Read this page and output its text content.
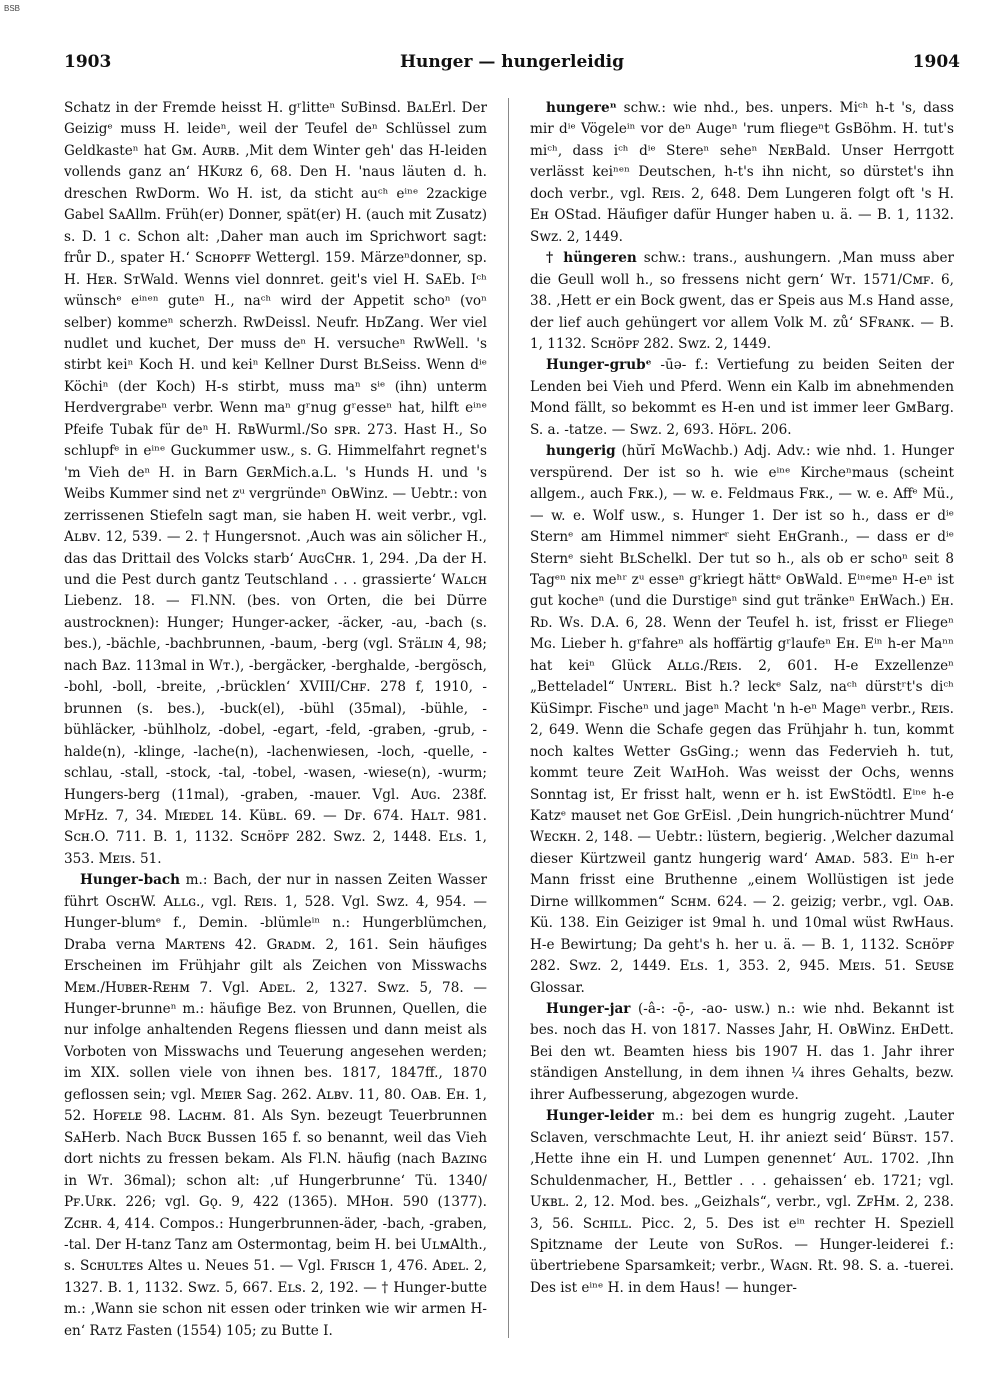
BSB
1903	Hunger — hungerleidig	1904

Schatz in der Fremde heisst H. gʳlitteⁿ SᴜBinsd. BᴀʟErl. Der Geizigᵉ muss H. leideⁿ, weil der Teufel deⁿ Schlüssel zum Geldkasteⁿ hat Gᴍ. Aᴜʀʙ. ‚Mit dem Winter geh' das H-leiden vollends ganz an‘ HKᴜʀᴢ 6, 68. Den H. 'naus läuten d. h. dreschen RwDorm. Wo H. ist, da sticht auᶜʰ eⁱⁿᵉ 2zackige Gabel SᴀAllm. Früh(er) Donner, spät(er) H. (auch mit Zusatz) s. D. 1 c. Schon alt: ‚Daher man auch im Sprichwort sagt: frůr D., spater H.‘ Sᴄʜᴏᴘꜰꜰ Wettergl. 159. Märzeⁿdonner, sp. H. Hᴇʀ. SᴛWald. Wenns viel donnret. geit's viel H. SᴀEb. Iᶜʰ wünschᵉ eⁱⁿᵉⁿ guteⁿ H., naᶜʰ wird der Appetit schoⁿ (voⁿ selber) kommeⁿ scherzh. RwDeissl. Neufr. HᴅZang. Wer viel nudlet und kuchet, Der muss deⁿ H. versucheⁿ RwWell. 's stirbt keiⁿ Koch H. und keiⁿ Kellner Durst BʟSeiss. Wenn dⁱᵉ Köchiⁿ (der Koch) H-s stirbt, muss maⁿ sⁱᵉ (ihn) unterm Herdvergrabeⁿ verbr. Wenn maⁿ gʳnug gʳesseⁿ hat, hilft eⁱⁿᵉ Pfeife Tubak für deⁿ H. RʙWurml./So ꜱᴘʀ. 273. Hast H., So schlupfᵉ in eⁱⁿᵉ Guckummer usw., s. G. Himmelfahrt regnet's 'm Vieh deⁿ H. in Barn GᴇʀMich.a.L. 's Hunds H. und 's Weibs Kummer sind net zᵘ vergründeⁿ OʙWinz. — Uebtr.: von zerrissenen Stiefeln sagt man, sie haben H. weit verbr., vgl. Aʟʙᴠ. 12, 539. — 2. † Hungersnot. ‚Auch was ain sölicher H., das das Drittail des Volcks starb‘ AᴜɢCʜʀ. 1, 294. ‚Da der H. und die Pest durch gantz Teutschland . . . grassierte‘ Wᴀʟᴄʜ Liebenz. 18. — Fl.NN. (bes. von Orten, die bei Dürre austrocknen): Hunger; Hunger-acker, -äcker, -au, -bach (s. bes.), -bächle, -bachbrunnen, -baum, -berg (vgl. Sᴛäʟɪɴ 4, 98; nach Bᴀᴢ. 113mal in Wᴛ.), -bergäcker, -berghalde, -bergösch, -bohl, -boll, -breite, ‚-brücklen‘ XVIII/Cʜꜰ. 278 f, 1910, -brunnen (s. bes.), -buck(el), -bühl (35mal), -bühle, -bühläcker, -bühlholz, -dobel, -egart, -feld, -graben, -grub, -halde(n), -klinge, -lache(n), -lachenwiesen, -loch, -quelle, -schlau, -stall, -stock, -tal, -tobel, -wasen, -wiese(n), -wurm; Hungers-berg (11mal), -graben, -mauer. Vgl. Aᴜɢ. 238f. MꜰHᴢ. 7, 34. Mɪᴇᴅᴇʟ 14. Küʙʟ. 69. — Dꜰ. 674. Hᴀʟᴛ. 981. Sᴄʜ.O. 711. B. 1, 1132. Sᴄʜöᴘꜰ 282. Sᴡᴢ. 2, 1448. Eʟs. 1, 353. Mᴇɪs. 51.

Hunger-bach m.: Bach, der nur in nassen Zeiten Wasser führt OsᴄʜW. Aʟʟɢ., vgl. Rᴇɪs. 1, 528. Vgl. Swz. 4, 954. — Hunger-blumᵉ f., Demin. -blümleⁱⁿ n.: Hungerblümchen, Draba verna Mᴀʀᴛᴇɴs 42. Gʀᴀᴅᴍ. 2, 161. Sein häufiges Erscheinen im Frühjahr gilt als Zeichen von Misswachs Mᴇᴍ./Hᴜʙᴇʀ-Rᴇʜᴍ 7. Vgl. Aᴅᴇʟ. 2, 1327. Swz. 5, 78. — Hunger-brunneⁿ m.: häufige Bez. von Brunnen, Quellen, die nur infolge anhaltenden Regens fliessen und dann meist als Vorboten von Misswachs und Teuerung angesehen werden; im XIX. sollen viele von ihnen bes. 1817, 1847ff., 1870 geflossen sein; vgl. Mᴇɪᴇʀ Sag. 262. Aʟʙᴠ. 11, 80. Oᴀʙ. Eʜ. 1, 52. Hᴏꜰᴇʟᴇ 98. Lᴀᴄʜᴍ. 81. Als Syn. bezeugt Teuerbrunnen SᴀHerb. Nach Bᴜᴄᴋ Bussen 165 f. so benannt, weil das Vieh dort nichts zu fressen bekam. Als Fl.N. häufig (nach Bᴀᴢɪɴɢ in Wᴛ. 36mal); schon alt: ‚uf Hungerbrunne‘ Tü. 1340/ Pꜰ.Uʀᴋ. 226; vgl. Gǫ. 9, 422 (1365). MHᴏʜ. 590 (1377). Zᴄʜʀ. 4, 414. Compos.: Hungerbrunnen-äder, -bach, -graben, -tal. Der H-tanz Tanz am Ostermontag, beim H. bei UʟᴍAlth., s. Sᴄʜᴜʟᴛᴇs Altes u. Neues 51. — Vgl. Fʀɪsᴄʜ 1, 476. Aᴅᴇʟ. 2, 1327. B. 1, 1132. Swz. 5, 667. Eʟs. 2, 192. — † Hunger-butte m.: ‚Wann sie schon nit essen oder trinken wie wir armen H-en‘ Rᴀᴛᴢ Fasten (1554) 105; zu Butte I.

hungereⁿ schw.: wie nhd., bes. unpers. Miᶜʰ h-t 's, dass mir dⁱᵉ Vögeleⁱⁿ vor deⁿ Augeⁿ 'rum fliegeⁿt GsBöhm. H. tut's miᶜʰ, dass iᶜʰ dⁱᵉ Stereⁿ seheⁿ NᴇʀBald. Unser Herrgott verlässt keiⁿᵉⁿ Deutschen, h-t's ihn nicht, so dürstet's ihn doch verbr., vgl. Rᴇɪs. 2, 648. Dem Lungeren folgt oft 's H. Eʜ OStad. Häufiger dafür Hunger haben u. ä. — B. 1, 1132. Sᴡᴢ. 2, 1449.

† hüngeren schw.: trans., aushungern. ‚Man muss aber die Geull woll h., so fressens nicht gern‘ Wᴛ. 1571/Cᴍꜰ. 6, 38. ‚Hett er ein Bock gwent, das er Speis aus M.s Hand asse, der lief auch gehüngert vor allem Volk M. zů‘ SFʀᴀɴᴋ. — B. 1, 1132. Sᴄʜöᴘꜰ 282. Sᴡᴢ. 2, 1449.

Hunger-grubᵉ -ūə- f.: Vertiefung zu beiden Seiten der Lenden bei Vieh und Pferd. Wenn ein Kalb im abnehmenden Mond fällt, so bekommt es H-en und ist immer leer GᴍBarg. S. a. -tatze. — Sᴡᴢ. 2, 693. Höꜰʟ. 206.

hungerig (hŭrĭ MɢWachb.) Adj. Adv.: wie nhd. 1. Hunger verspürend. Der ist so h. wie eⁱⁿᵉ Kircheⁿmaus (scheint allgem., auch Fʀᴋ.), — w. e. Feldmaus Fʀᴋ., — w. e. Affᵉ Mü., — w. e. Wolf usw., s. Hunger 1. Der ist so h., dass er dⁱᵉ Sternᵉ am Himmel nimmerʳ sieht EʜGranh., — dass er dⁱᵉ Sternᵉ sieht BʟSchelkl. Der tut so h., als ob er schoⁿ seit 8 Tagᵉⁿ nix meʰʳ zᵘ esseⁿ gʳkriegt hättᵉ OʙWald. Eⁱⁿᵉmeⁿ H-eⁿ ist gut kocheⁿ (und die Durstigeⁿ sind gut tränkeⁿ EʜWach.) Eʜ. Rᴅ. Ws. D.A. 6, 28. Wenn der Teufel h. ist, frisst er Fliegeⁿ Mɢ. Lieber h. gʳfahreⁿ als hoffärtig gʳlaufeⁿ Eʜ. Eⁱⁿ h-er Maⁿⁿ hat keiⁿ Glück Aʟʟɢ./Rᴇɪs. 2, 601. H-e Exzellenzeⁿ „Betteladel“ Uɴᴛᴇʀʟ. Bist h.? leckᵉ Salz, naᶜʰ dürstʳt's diᶜʰ KüSimpr. Fischeⁿ und jageⁿ Macht 'n h-eⁿ Mageⁿ verbr., Rᴇɪs. 2, 649. Wenn die Schafe gegen das Frühjahr h. tun, kommt noch kaltes Wetter GsGing.; wenn das Federvieh h. tut, kommt teure Zeit WᴀɪHoh. Was weisst der Ochs, wenns Sonntag ist, Er frisst halt, wenn er h. ist EwStödtl. Eⁱⁿᵉ h-e Katzᵉ mauset net Gᴏᴇ GrEisl. ‚Dein hungrich-nüchtrer Mund‘ Wᴇᴄᴋʜ. 2, 148. — Uebtr.: lüstern, begierig. ‚Welcher dazumal dieser Kürtzweil gantz hungerig ward‘ Aᴍᴀᴅ. 583. Eⁱⁿ h-er Mann frisst eine Bruthenne „einem Wollüstigen ist jede Dirne willkommen“ Sᴄʜᴍ. 624. — 2. geizig; verbr., vgl. Oᴀʙ. Kü. 138. Ein Geiziger ist 9mal h. und 10mal wüst RwHaus. H-e Bewirtung; Da geht's h. her u. ä. — B. 1, 1132. Sᴄʜöᴘꜰ 282. Sᴡᴢ. 2, 1449. Eʟs. 1, 353. 2, 945. Mᴇɪs. 51. Sᴇᴜsᴇ Glossar.

Hunger-jar (-â-: -ǭ-, -ao- usw.) n.: wie nhd. Bekannt ist bes. noch das H. von 1817. Nasses Jahr, H. OʙWinz. EʜDett. Bei den wt. Beamten hiess bis 1907 H. das 1. Jahr ihrer ständigen Anstellung, in dem ihnen ¼ ihres Gehalts, bezw. ihrer Aufbesserung, abgezogen wurde.

Hunger-leider m.: bei dem es hungrig zugeht. ‚Lauter Sclaven, verschmachte Leut, H. ihr aniezt seid‘ Büʀsᴛ. 157. ‚Hette ihne ein H. und Lumpen genennet‘ Aᴜʟ. 1702. ‚Ihn Schuldenmacher, H., Bettler . . . gehaissen‘ eb. 1721; vgl. Uᴋʙʟ. 2, 12. Mod. bes. „Geizhals“, verbr., vgl. ZꜰHᴍ. 2, 238. 3, 56. Sᴄʜɪʟʟ. Picc. 2, 5. Des ist eⁱⁿ rechter H. Speziell Spitzname der Leute von SᴜRos. — Hunger-leiderei f.: übertriebene Sparsamkeit; verbr., Wᴀɢɴ. Rt. 98. S. a. -tuerei. Des ist eⁱⁿᵉ H. in dem Haus! — hunger-
